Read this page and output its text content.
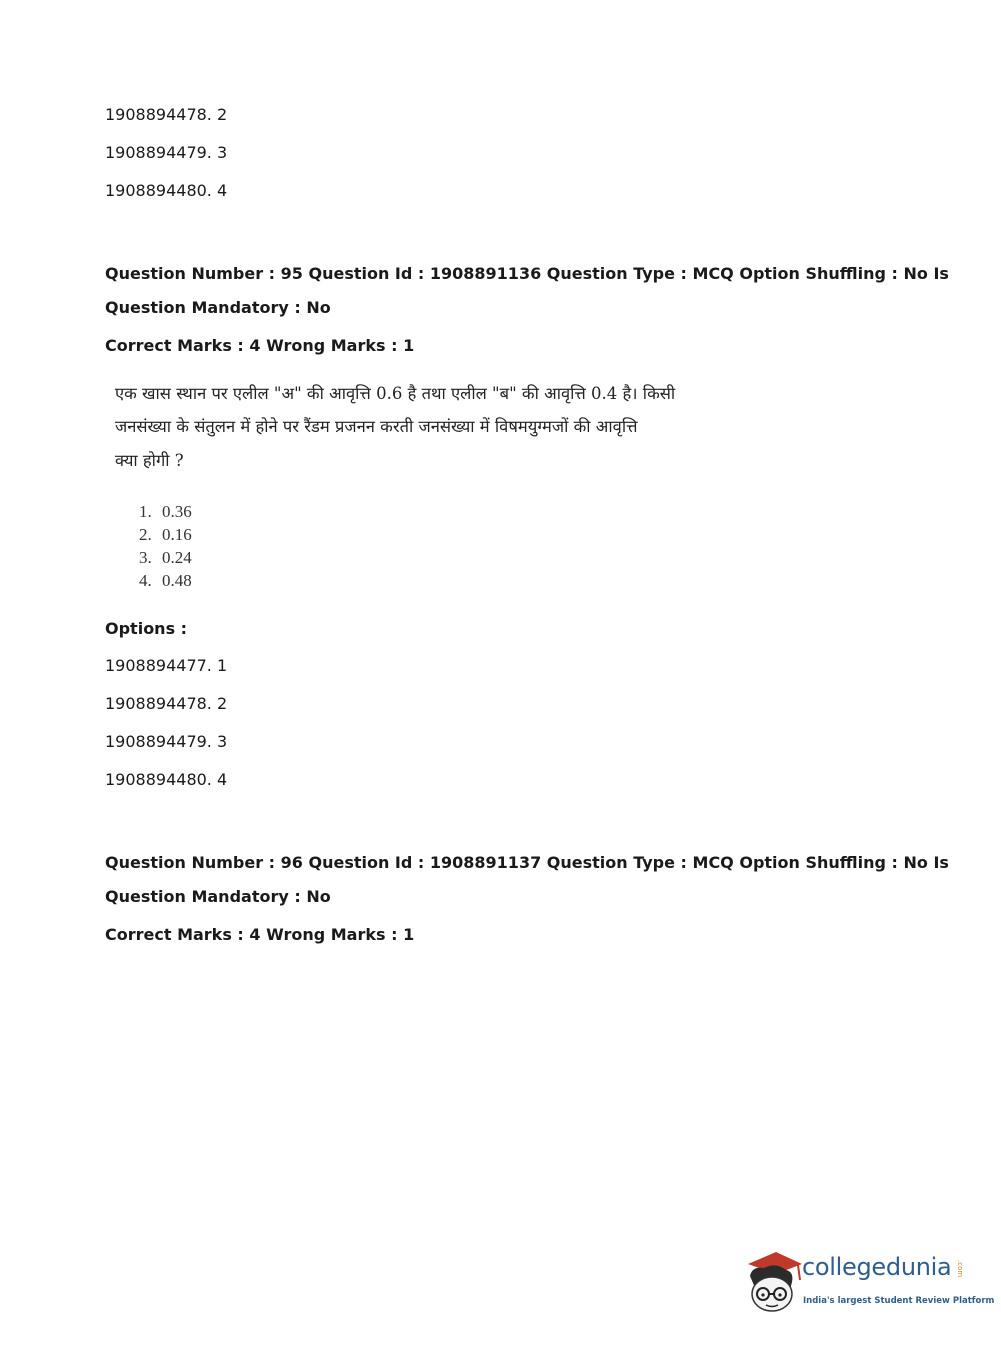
1908894478. 2
1908894479. 3
1908894480. 4
Question Number : 95 Question Id : 1908891136 Question Type : MCQ Option Shuffling : No Is
Question Mandatory : No
Correct Marks : 4 Wrong Marks : 1
एक खास स्थान पर एलील "अ" की आवृत्ति 0.6 है तथा एलील "ब" की आवृत्ति 0.4 है। किसी
जनसंख्या के संतुलन में होने पर रैंडम प्रजनन करती जनसंख्या में विषमयुग्मजों की आवृत्ति
क्या होगी ?
1. 0.36
2. 0.16
3. 0.24
4. 0.48
Options :
1908894477. 1
1908894478. 2
1908894479. 3
1908894480. 4
Question Number : 96 Question Id : 1908891137 Question Type : MCQ Option Shuffling : No Is
Question Mandatory : No
Correct Marks : 4 Wrong Marks : 1
collegedunia .com
India's largest Student Review Platform
